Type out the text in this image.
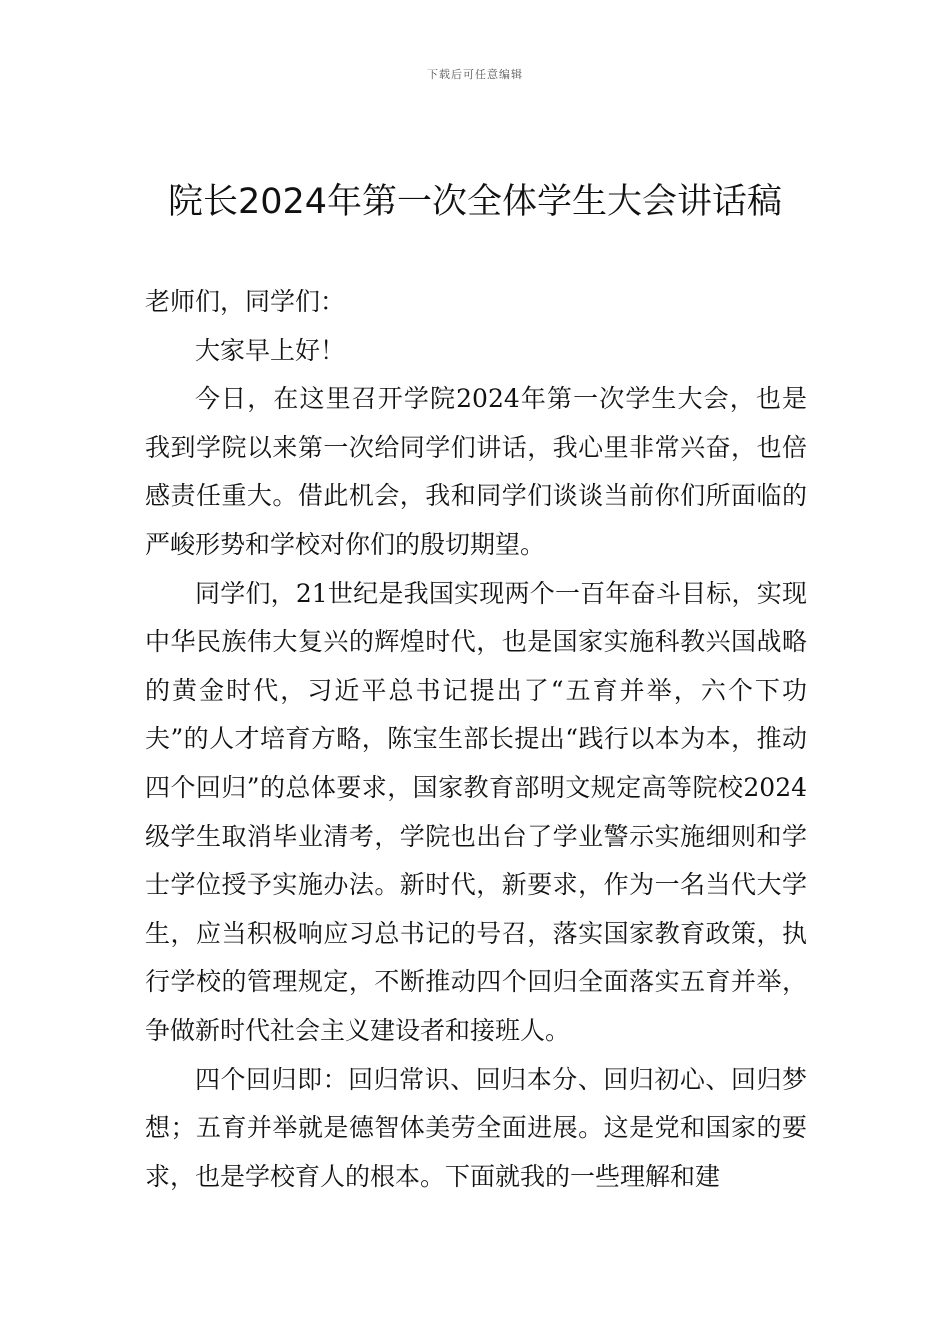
下载后可任意编辑
院长2024年第一次全体学生大会讲话稿

老师们，同学们：

大家早上好！

今日，在这里召开学院2024年第一次学生大会，也是我到学院以来第一次给同学们讲话，我心里非常兴奋，也倍感责任重大。借此机会，我和同学们谈谈当前你们所面临的严峻形势和学校对你们的殷切期望。

同学们，21世纪是我国实现两个一百年奋斗目标，实现中华民族伟大复兴的辉煌时代，也是国家实施科教兴国战略的黄金时代，习近平总书记提出了“五育并举，六个下功夫”的人才培育方略，陈宝生部长提出“践行以本为本，推动四个回归”的总体要求，国家教育部明文规定高等院校2024级学生取消毕业清考，学院也出台了学业警示实施细则和学士学位授予实施办法。新时代，新要求，作为一名当代大学生，应当积极响应习总书记的号召，落实国家教育政策，执行学校的管理规定，不断推动四个回归全面落实五育并举，争做新时代社会主义建设者和接班人。

四个回归即：回归常识、回归本分、回归初心、回归梦想；五育并举就是德智体美劳全面进展。这是党和国家的要求，也是学校育人的根本。下面就我的一些理解和建
